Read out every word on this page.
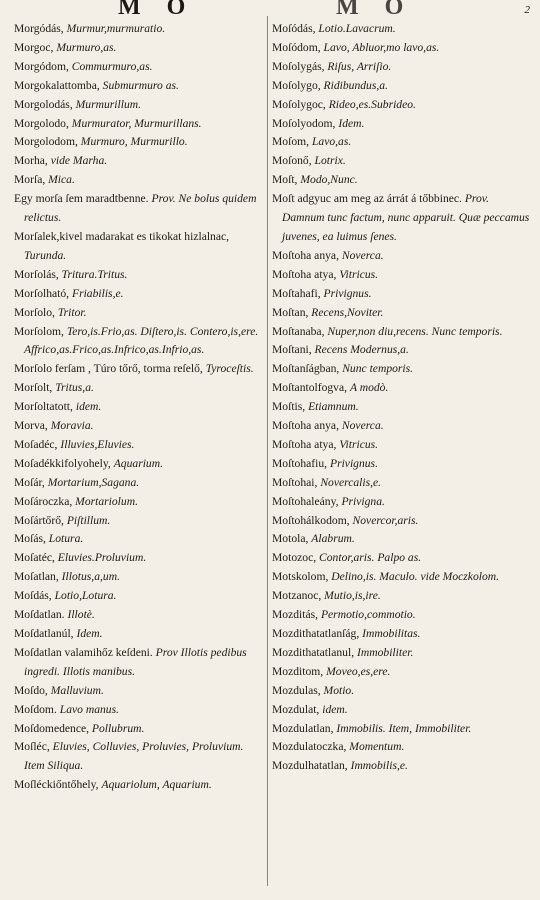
M O	M O	2
Morgódás, Murmur,murmuratio.
Morgoc, Murmuro,as.
Morgódom, Commurmuro,as.
Morgokalattomba, Submurmuro as.
Morgolodás, Murmurillum.
Morgolodo, Murmurator, Murmurillans.
Morgolodom, Murmuro, Murmurillo.
Morha, vide Marha.
Morſa, Mica.
Egy morſa ſem maradtbenne. Prov. Ne bolus quidem relictus.
Morſalek,kivel madarakat es tikokat hizlalnac, Turunda.
Morſolás, Tritura.Tritus.
Morſolható, Friabilis,e.
Morſolo, Tritor.
Morſolom, Tero,is.Frio,as. Diſtero,is. Contero,is,ere. Affrico,as.Frico,as.Infrico,as.Infrio,as.
Morſolo ferſam , Túro tőrő, torma reſelő, Tyroceſtis.
Morſolt, Tritus,a.
Morſoltatott, idem.
Morva, Moravia.
Moſadéc, Illuvies,Eluvies.
Moſadékkifolyohely, Aquarium.
Moſár, Mortarium,Sagana.
Moſároczka, Mortariolum.
Moſártőrő, Piſtillum.
Moſás, Lotura.
Moſatéc, Eluvies.Proluvium.
Moſatlan, Illotus,a,um.
Moſdás, Lotio,Lotura.
Moſdatlan. Illotè.
Moſdatlanúl, Idem.
Moſdatlan valamihőz keſdeni. Prov Illotis pedibus ingredi. Illotis manibus.
Moſdo, Malluvium.
Moſdom. Lavo manus.
Moſdomedence, Pollubrum.
Moſléc, Eluvies, Colluvies, Proluvies, Proluvium. Item Siliqua.
Moſléckiőntőhely, Aquariolum, Aquarium.
Moſódás, Lotio.Lavacrum.
Moſódom, Lavo, Abluor,mo lavo,as.
Moſolygás, Riſus, Arriſio.
Moſolygo, Ridibundus,a.
Moſolygoc, Rideo,es.Subrideo.
Moſolyodom, Idem.
Moſom, Lavo,as.
Moſonő, Lotrix.
Moſt, Modo,Nunc.
Moſt adgyuc am meg az árrát á tőbbinec. Prov. Damnum tunc factum, nunc apparuit. Quæ peccamus juvenes, ea luimus ſenes.
Moſtoha anya, Noverca.
Moſtoha atya, Vitricus.
Moſtahafi, Privignus.
Moſtan, Recens,Noviter.
Moſtanaba, Nuper,non diu,recens. Nunc temporis.
Moſtani, Recens Modernus,a.
Moſtanſágban, Nunc temporis.
Moſtantolfogva, A modò.
Moſtis, Etiamnum.
Moſtoha anya, Noverca.
Moſtoha atya, Vitricus.
Moſtohafiu, Privignus.
Moſtohai, Novercalis,e.
Moſtohaleány, Privigna.
Moſtohálkodom, Novercor,aris.
Motola, Alabrum.
Motozoc, Contor,aris. Palpo as.
Motskolom, Delino,is. Maculo. vide Moczkolom.
Motzanoc, Mutio,is,ire.
Mozditás, Permotio,commotio.
Mozdithatatlanſág, Immobilitas.
Mozdithatatlanul, Immobiliter.
Mozditom, Moveo,es,ere.
Mozdulas, Motio.
Mozdulat, idem.
Mozdulatlan, Immobilis. Item, Immobiliter.
Mozdulatoczka, Momentum.
Mozdulhatatlan, Immobilis,e.
